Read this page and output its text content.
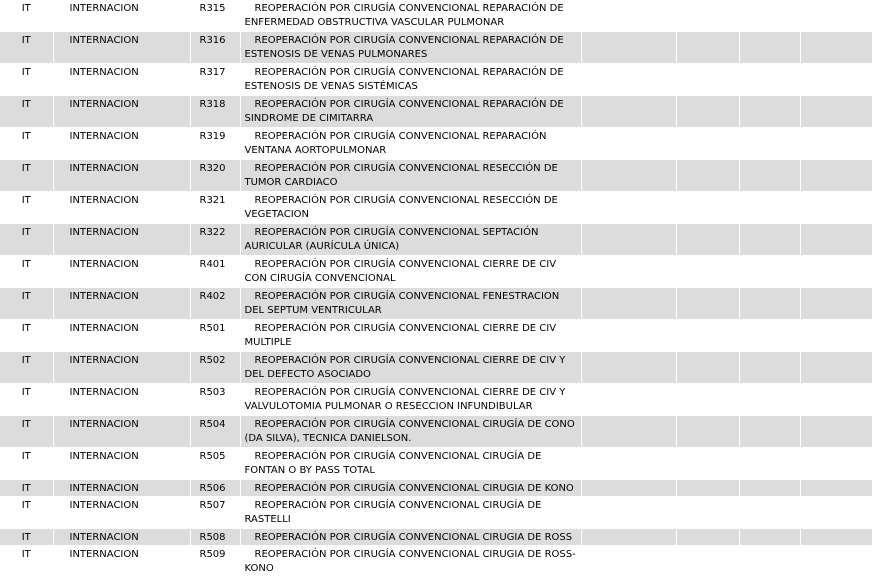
IT	INTERNACION	R315	REOPERACIÓN POR CIRUGÍA CONVENCIONAL REPARACIÓN DE ENFERMEDAD OBSTRUCTIVA VASCULAR PULMONAR				
IT	INTERNACION	R316	REOPERACIÓN POR CIRUGÍA CONVENCIONAL REPARACIÓN DE ESTENOSIS DE VENAS PULMONARES				
IT	INTERNACION	R317	REOPERACIÓN POR CIRUGÍA CONVENCIONAL REPARACIÓN DE ESTENOSIS DE VENAS SISTÉMICAS				
IT	INTERNACION	R318	REOPERACIÓN POR CIRUGÍA CONVENCIONAL REPARACIÓN DE SINDROME DE CIMITARRA				
IT	INTERNACION	R319	REOPERACIÓN POR CIRUGÍA CONVENCIONAL REPARACIÓN VENTANA AORTOPULMONAR				
IT	INTERNACION	R320	REOPERACIÓN POR CIRUGÍA CONVENCIONAL RESECCIÓN DE TUMOR CARDIACO				
IT	INTERNACION	R321	REOPERACIÓN POR CIRUGÍA CONVENCIONAL RESECCIÓN DE VEGETACION				
IT	INTERNACION	R322	REOPERACIÓN POR CIRUGÍA CONVENCIONAL SEPTACIÓN AURICULAR (AURÍCULA ÚNICA)				
IT	INTERNACION	R401	REOPERACIÓN POR CIRUGÍA CONVENCIONAL CIERRE DE CIV CON CIRUGÍA CONVENCIONAL				
IT	INTERNACION	R402	REOPERACIÓN POR CIRUGÍA CONVENCIONAL FENESTRACION DEL SEPTUM VENTRICULAR				
IT	INTERNACION	R501	REOPERACIÓN POR CIRUGÍA CONVENCIONAL CIERRE DE CIV MULTIPLE				
IT	INTERNACION	R502	REOPERACIÓN POR CIRUGÍA CONVENCIONAL CIERRE DE CIV Y DEL DEFECTO ASOCIADO				
IT	INTERNACION	R503	REOPERACIÓN POR CIRUGÍA CONVENCIONAL CIERRE DE CIV Y VALVULOTOMIA PULMONAR O RESECCION INFUNDIBULAR				
IT	INTERNACION	R504	REOPERACIÓN POR CIRUGÍA CONVENCIONAL CIRUGÍA DE CONO (DA SILVA), TECNICA DANIELSON.				
IT	INTERNACION	R505	REOPERACIÓN POR CIRUGÍA CONVENCIONAL CIRUGÍA DE FONTAN O BY PASS TOTAL				
IT	INTERNACION	R506	REOPERACIÓN POR CIRUGÍA CONVENCIONAL CIRUGIA DE KONO				
IT	INTERNACION	R507	REOPERACIÓN POR CIRUGÍA CONVENCIONAL CIRUGÍA DE RASTELLI				
IT	INTERNACION	R508	REOPERACIÓN POR CIRUGÍA CONVENCIONAL CIRUGIA DE ROSS				
IT	INTERNACION	R509	REOPERACIÓN POR CIRUGÍA CONVENCIONAL CIRUGIA DE ROSS-KONO				
